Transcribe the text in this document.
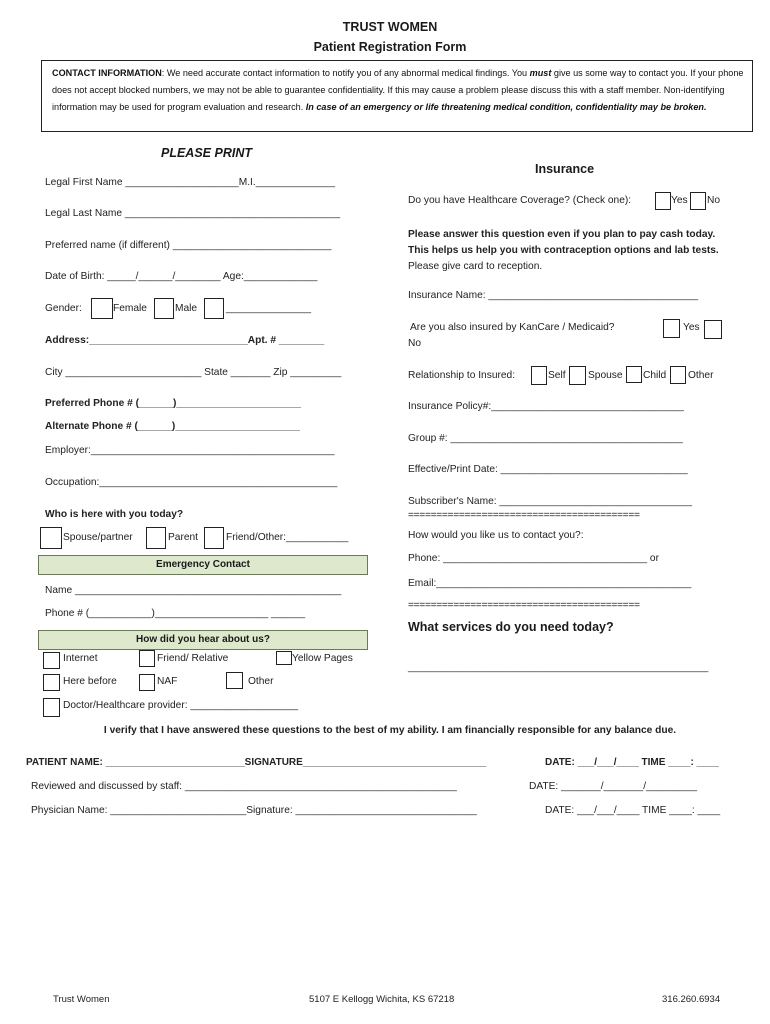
TRUST WOMEN
Patient Registration Form
CONTACT INFORMATION: We need accurate contact information to notify you of any abnormal medical findings. You must give us some way to contact you. If your phone does not accept blocked numbers, we may not be able to guarantee confidentiality. If this may cause a problem please discuss this with a staff member. Non-identifying information may be used for program evaluation and research. In case of an emergency or life threatening medical condition, confidentiality may be broken.
PLEASE PRINT
Legal First Name ____________________M.I.______________
Legal Last Name ______________________________________
Preferred name (if different) ____________________________
Date of Birth: _____/______/________ Age:_____________
Gender:	Female	Male	_______________
Address:____________________________Apt. # ________
City ________________________ State _______ Zip _________
Preferred Phone # (______)______________________
Alternate Phone # (______)______________________
Employer:___________________________________________
Occupation:__________________________________________
Who is here with you today?
Spouse/partner	Parent	Friend/Other:___________
Emergency Contact
Name _______________________________________________
Phone # (___________)____________________ ______
How did you hear about us?
Internet	Friend/ Relative	Yellow Pages
Here before	NAF	Other
Doctor/Healthcare provider: ___________________
Insurance
Do you have Healthcare Coverage? (Check one):	Yes No
Please answer this question even if you plan to pay cash today. This helps us help you with contraception options and lab tests. Please give card to reception.
Insurance Name: _____________________________________
Are you also insured by KanCare / Medicaid?	Yes
No
Relationship to Insured:	Self Spouse Child Other
Insurance Policy#:__________________________________
Group #: _________________________________________
Effective/Print Date: _________________________________
Subscriber's Name: __________________________________
=========================================
How would you like us to contact you?:
Phone: ____________________________________ or
Email:_____________________________________________
=========================================
What services do you need today?
_____________________________________________________
I verify that I have answered these questions to the best of my ability. I am financially responsible for any balance due.
PATIENT NAME: _________________________SIGNATURE_________________________________	DATE: ___/___/____ TIME ____: ____
Reviewed and discussed by staff: ________________________________________________	DATE: _______/_______/_________
Physician Name: ________________________Signature: ________________________________	DATE: ___/___/____ TIME ____: ____
Trust Women	5107 E Kellogg Wichita, KS 67218	316.260.6934
